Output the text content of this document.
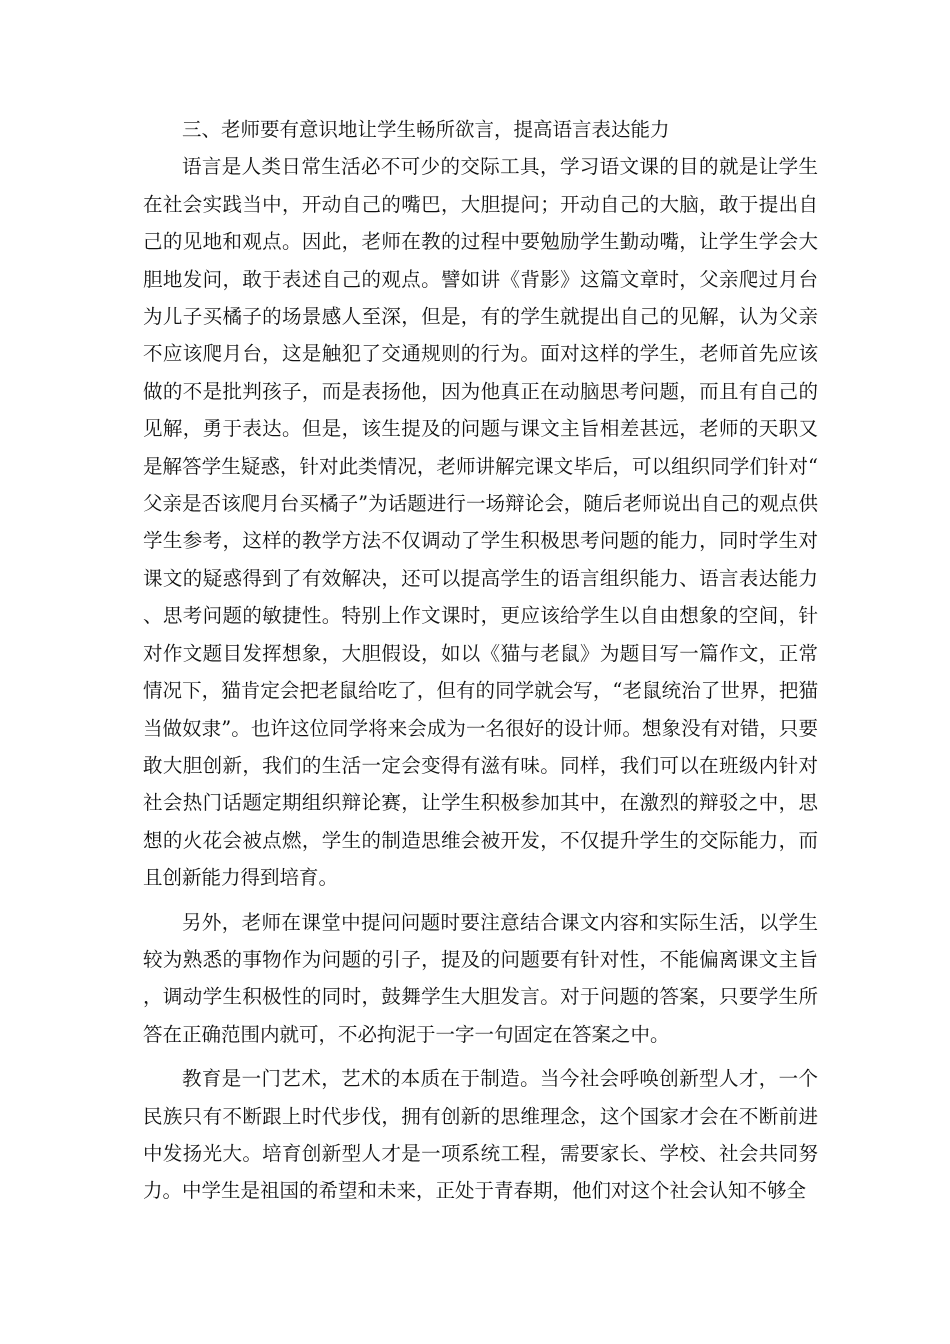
三、老师要有意识地让学生畅所欲言，提高语言表达能力

语言是人类日常生活必不可少的交际工具，学习语文课的目的就是让学生在社会实践当中，开动自己的嘴巴，大胆提问；开动自己的大脑，敢于提出自己的见地和观点。因此，老师在教的过程中要勉励学生勤动嘴，让学生学会大胆地发问，敢于表述自己的观点。譬如讲《背影》这篇文章时，父亲爬过月台为儿子买橘子的场景感人至深，但是，有的学生就提出自己的见解，认为父亲不应该爬月台，这是触犯了交通规则的行为。面对这样的学生，老师首先应该做的不是批判孩子，而是表扬他，因为他真正在动脑思考问题，而且有自己的见解，勇于表达。但是，该生提及的问题与课文主旨相差甚远，老师的天职又是解答学生疑惑，针对此类情况，老师讲解完课文毕后，可以组织同学们针对“父亲是否该爬月台买橘子”为话题进行一场辩论会，随后老师说出自己的观点供学生参考，这样的教学方法不仅调动了学生积极思考问题的能力，同时学生对课文的疑惑得到了有效解决，还可以提高学生的语言组织能力、语言表达能力、思考问题的敏捷性。特别上作文课时，更应该给学生以自由想象的空间，针对作文题目发挥想象，大胆假设，如以《猫与老鼠》为题目写一篇作文，正常情况下，猫肯定会把老鼠给吃了，但有的同学就会写，“老鼠统治了世界，把猫当做奴隶”。也许这位同学将来会成为一名很好的设计师。想象没有对错，只要敢大胆创新，我们的生活一定会变得有滋有味。同样，我们可以在班级内针对社会热门话题定期组织辩论赛，让学生积极参加其中，在激烈的辩驳之中，思想的火花会被点燃，学生的制造思维会被开发，不仅提升学生的交际能力，而且创新能力得到培育。

另外，老师在课堂中提问问题时要注意结合课文内容和实际生活，以学生较为熟悉的事物作为问题的引子，提及的问题要有针对性，不能偏离课文主旨，调动学生积极性的同时，鼓舞学生大胆发言。对于问题的答案，只要学生所答在正确范围内就可，不必拘泥于一字一句固定在答案之中。

教育是一门艺术，艺术的本质在于制造。当今社会呼唤创新型人才，一个民族只有不断跟上时代步伐，拥有创新的思维理念，这个国家才会在不断前进中发扬光大。培育创新型人才是一项系统工程，需要家长、学校、社会共同努力。中学生是祖国的希望和未来，正处于青春期，他们对这个社会认知不够全
